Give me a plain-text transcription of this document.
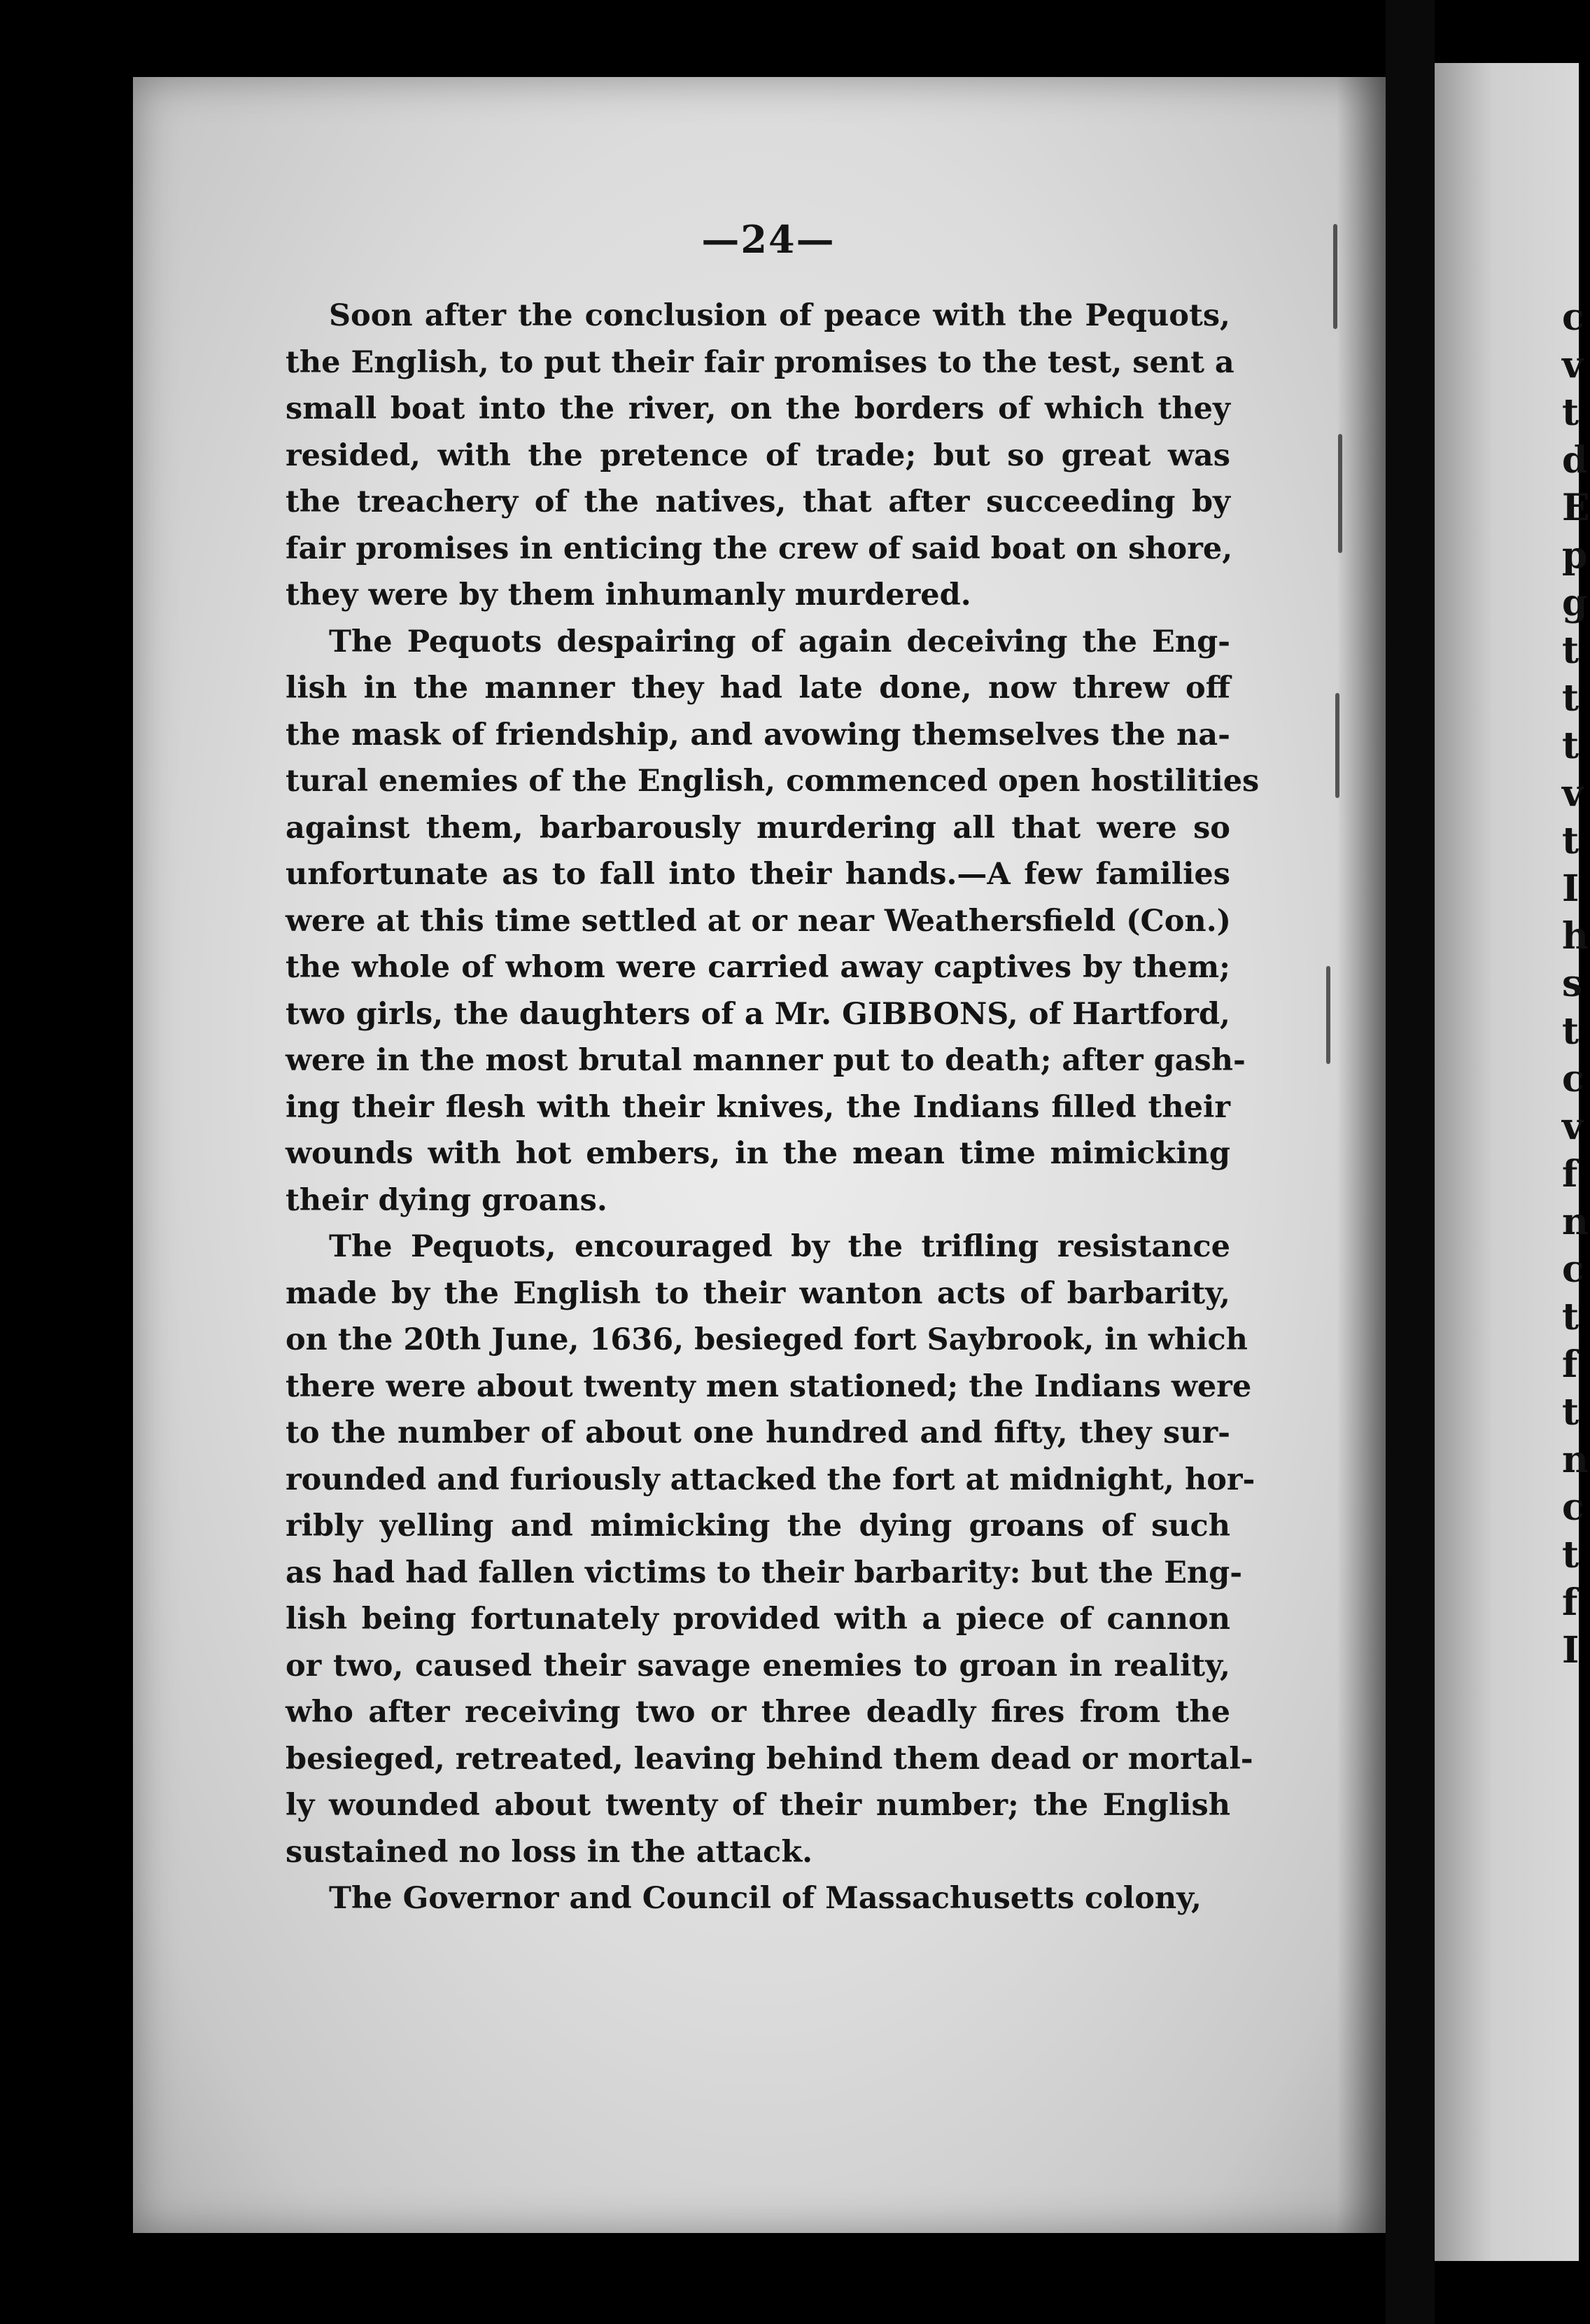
c
v
t
d
E
p
g
t
t
t
v
t
I
h
s
t
c
v
f
n
c
t
f
t
n
c
t
f
I
—24—
Soon after the conclusion of peace with the Pequots,
the English, to put their fair promises to the test, sent a
small boat into the river, on the borders of which they
resided, with the pretence of trade; but so great was
the treachery of the natives, that after succeeding by
fair promises in enticing the crew of said boat on shore,
they were by them inhumanly murdered.
The Pequots despairing of again deceiving the Eng-
lish in the manner they had late done, now threw off
the mask of friendship, and avowing themselves the na-
tural enemies of the English, commenced open hostilities
against them, barbarously murdering all that were so
unfortunate as to fall into their hands.—A few families
were at this time settled at or near Weathersfield (Con.)
the whole of whom were carried away captives by them;
two girls, the daughters of a Mr. GIBBONS, of Hartford,
were in the most brutal manner put to death; after gash-
ing their flesh with their knives, the Indians filled their
wounds with hot embers, in the mean time mimicking
their dying groans.
The Pequots, encouraged by the trifling resistance
made by the English to their wanton acts of barbarity,
on the 20th June, 1636, besieged fort Saybrook, in which
there were about twenty men stationed; the Indians were
to the number of about one hundred and fifty, they sur-
rounded and furiously attacked the fort at midnight, hor-
ribly yelling and mimicking the dying groans of such
as had had fallen victims to their barbarity: but the Eng-
lish being fortunately provided with a piece of cannon
or two, caused their savage enemies to groan in reality,
who after receiving two or three deadly fires from the
besieged, retreated, leaving behind them dead or mortal-
ly wounded about twenty of their number; the English
sustained no loss in the attack.
The Governor and Council of Massachusetts colony,
